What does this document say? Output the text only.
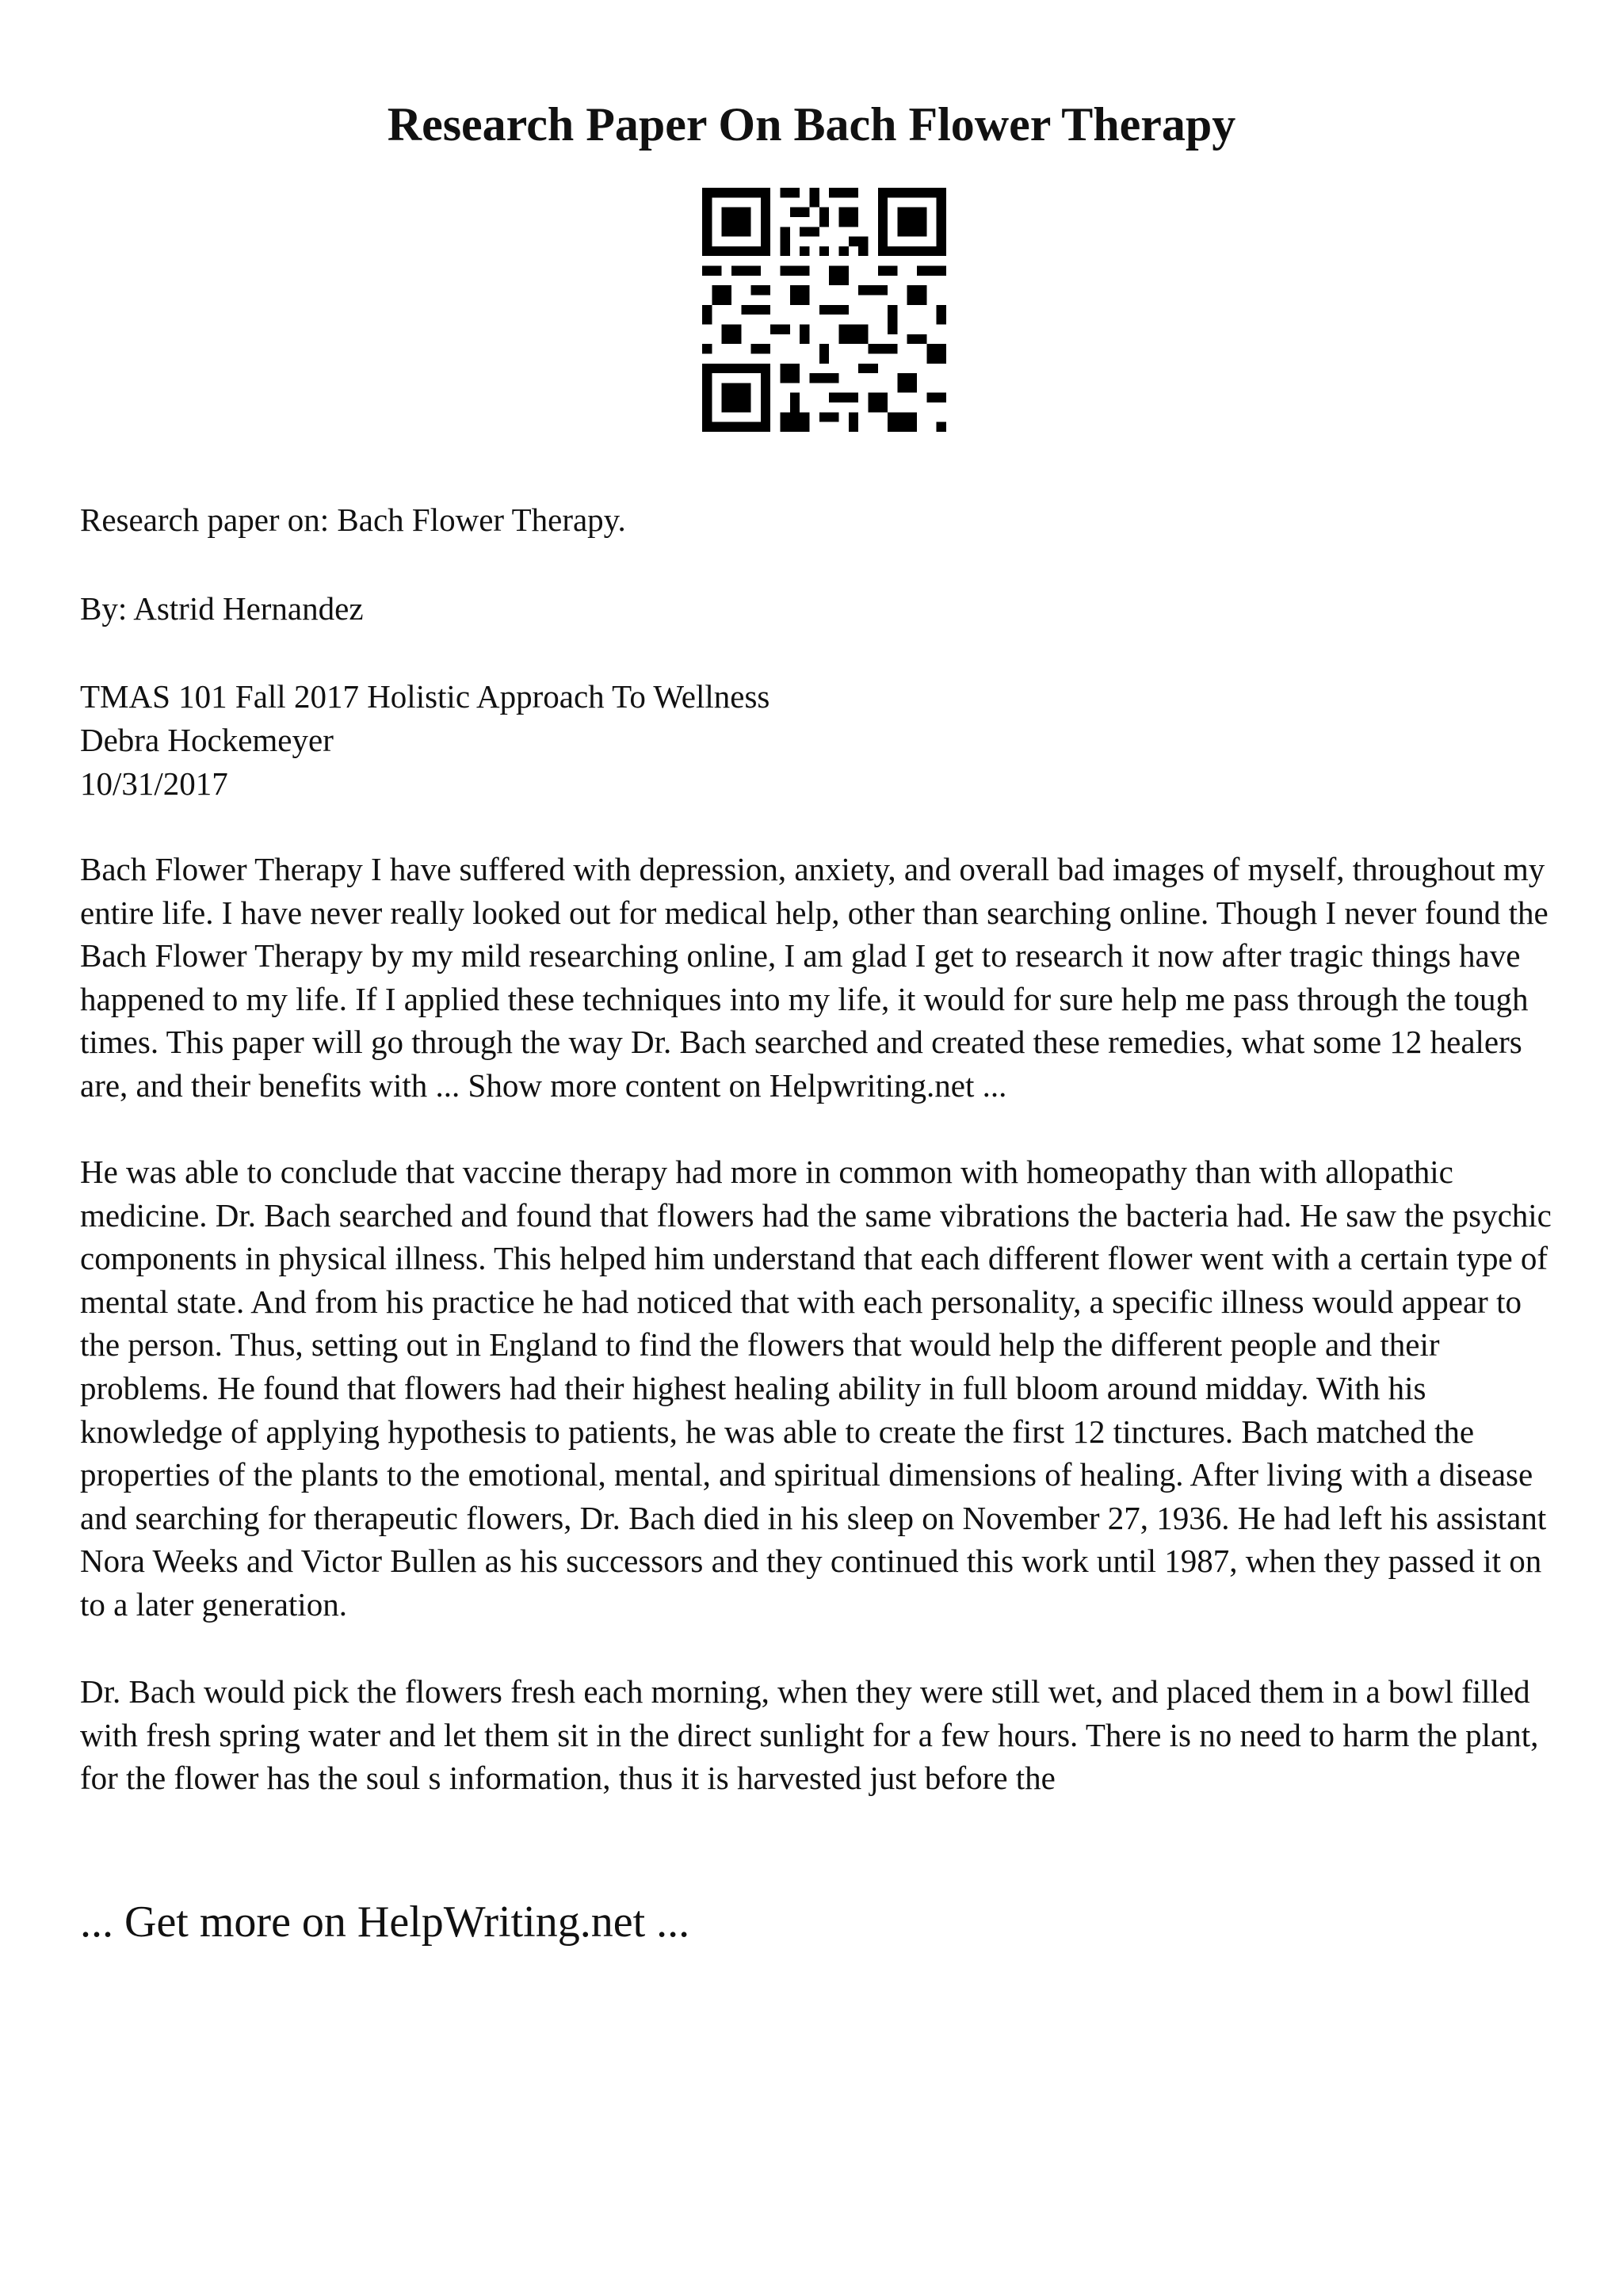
Research Paper On Bach Flower Therapy

Research paper on: Bach Flower Therapy.

By: Astrid Hernandez

TMAS 101 Fall 2017 Holistic Approach To Wellness

Debra Hockemeyer

10/31/2017

Bach Flower Therapy I have suffered with depression, anxiety, and overall bad images of myself, throughout my entire life. I have never really looked out for medical help, other than searching online. Though I never found the Bach Flower Therapy by my mild researching online, I am glad I get to research it now after tragic things have happened to my life. If I applied these techniques into my life, it would for sure help me pass through the tough times. This paper will go through the way Dr. Bach searched and created these remedies, what some 12 healers are, and their benefits with ... Show more content on Helpwriting.net ...

He was able to conclude that vaccine therapy had more in common with homeopathy than with allopathic medicine. Dr. Bach searched and found that flowers had the same vibrations the bacteria had. He saw the psychic components in physical illness. This helped him understand that each different flower went with a certain type of mental state. And from his practice he had noticed that with each personality, a specific illness would appear to the person. Thus, setting out in England to find the flowers that would help the different people and their problems. He found that flowers had their highest healing ability in full bloom around midday. With his knowledge of applying hypothesis to patients, he was able to create the first 12 tinctures. Bach matched the properties of the plants to the emotional, mental, and spiritual dimensions of healing. After living with a disease and searching for therapeutic flowers, Dr. Bach died in his sleep on November 27, 1936. He had left his assistant Nora Weeks and Victor Bullen as his successors and they continued this work until 1987, when they passed it on to a later generation.

Dr. Bach would pick the flowers fresh each morning, when they were still wet, and placed them in a bowl filled with fresh spring water and let them sit in the direct sunlight for a few hours. There is no need to harm the plant, for the flower has the soul s information, thus it is harvested just before the

... Get more on HelpWriting.net ...
